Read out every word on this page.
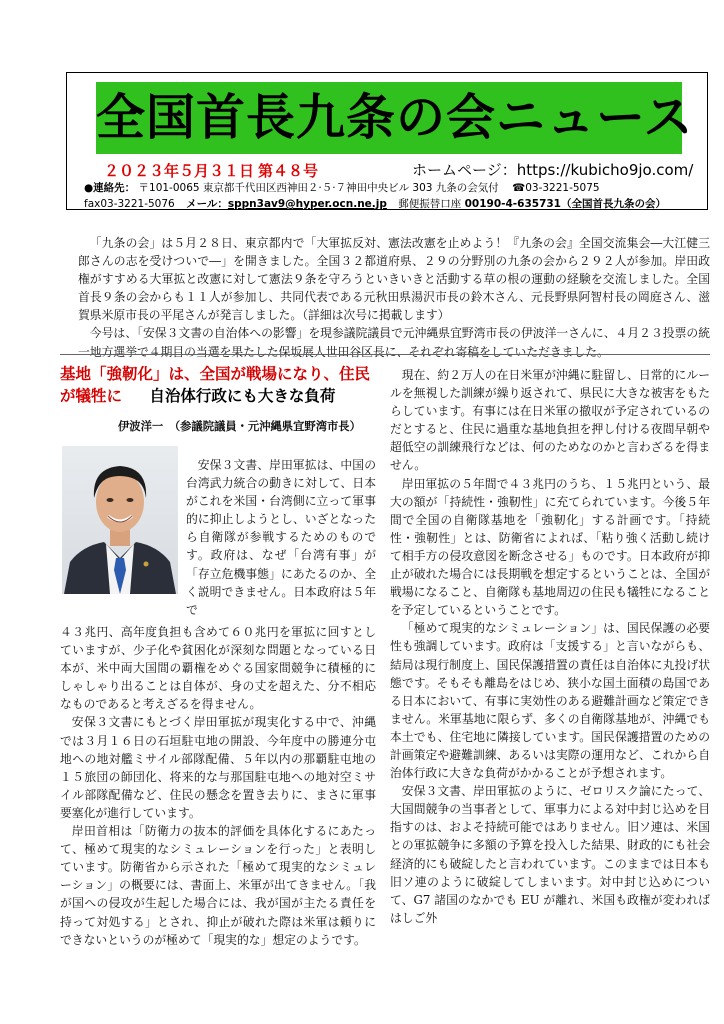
全国首長九条の会ニュース
２０２３年５月３１日 第４８号	ホームページ：https://kubicho9jo.com/
●連絡先： 〒101-0065 東京都千代田区西神田２·５·７神田中央ビル 303 九条の会気付 ☎03-3221-5075
fax03-3221-5076 メール：sppn3av9@hyper.ocn.ne.jp 郵便振替口座 00190-4-635731（全国首長九条の会）

「九条の会」は５月２８日、東京都内で「大軍拡反対、憲法改憲を止めよう！『九条の会』全国交流集会―大江健三郎さんの志を受けついで―」を開きました。全国３２都道府県、２９の分野別の九条の会から２９２人が参加。岸田政権がすすめる大軍拡と改憲に対して憲法９条を守ろうといきいきと活動する草の根の運動の経験を交流しました。全国首長９条の会からも１１人が参加し、共同代表である元秋田県湯沢市長の鈴木さん、元長野県阿智村長の岡庭さん、滋賀県米原市長の平尾さんが発言しました。（詳細は次号に掲載します）

今号は、「安保３文書の自治体への影響」を現参議院議員で元沖縄県宜野湾市長の伊波洋一さんに、４月２３投票の統一地方選挙で４期目の当選を果たした保坂展人世田谷区長に、それぞれ寄稿をしていただきました。

基地「強靭化」は、全国が戦場になり、住民が犠牲に 自治体行政にも大きな負荷
伊波洋一　（参議院議員・元沖縄県宜野湾市長）

安保３文書、岸田軍拡は、中国の台湾武力統合の動きに対して、日本がこれを米国・台湾側に立って軍事的に抑止しようとし、いざとなったら自衛隊が参戦するためのものです。政府は、なぜ「台湾有事」が「存立危機事態」にあたるのか、全く説明できません。日本政府は５年で

４３兆円、高年度負担も含めて６０兆円を軍拡に回すとしていますが、少子化や貧困化が深刻な問題となっている日本が、米中両大国間の覇権をめぐる国家間競争に積極的にしゃしゃり出ることは自体が、身の丈を超えた、分不相応なものであると考えざるを得ません。

安保３文書にもとづく岸田軍拡が現実化する中で、沖縄では３月１６日の石垣駐屯地の開設、今年度中の勝連分屯地への地対艦ミサイル部隊配備、５年以内の那覇駐屯地の１５旅団の師団化、将来的な与那国駐屯地への地対空ミサイル部隊配備など、住民の懸念を置き去りに、まさに軍事要塞化が進行しています。

岸田首相は「防衛力の抜本的評価を具体化するにあたって、極めて現実的なシミュレーションを行った」と表明しています。防衛省から示された「極めて現実的なシミュレーション」の概要には、書面上、米軍が出てきません。「我が国への侵攻が生起した場合には、我が国が主たる責任を持って対処する」とされ、抑止が破れた際は米軍は頼りにできないというのが極めて「現実的な」想定のようです。

現在、約２万人の在日米軍が沖縄に駐留し、日常的にルールを無視した訓練が繰り返されて、県民に大きな被害をもたらしています。有事には在日米軍の撤収が予定されているのだとすると、住民に過重な基地負担を押し付ける夜間早朝や超低空の訓練飛行などは、何のためなのかと言わざるを得ません。

岸田軍拡の５年間で４３兆円のうち、１５兆円という、最大の額が「持続性・強靭性」に充てられています。今後５年間で全国の自衛隊基地を「強靭化」する計画です。「持続性・強靭性」とは、防衛省によれば、「粘り強く活動し続けて相手方の侵攻意図を断念させる」ものです。日本政府が抑止が破れた場合には長期戦を想定するということは、全国が戦場になること、自衛隊も基地周辺の住民も犠牲になることを予定しているということです。

「極めて現実的なシミュレーション」は、国民保護の必要性も強調しています。政府は「支援する」と言いながらも、結局は現行制度上、国民保護措置の責任は自治体に丸投げ状態です。そもそも離島をはじめ、狭小な国土面積の島国である日本において、有事に実効性のある避難計画など策定できません。米軍基地に限らず、多くの自衛隊基地が、沖縄でも本土でも、住宅地に隣接しています。国民保護措置のための計画策定や避難訓練、あるいは実際の運用など、これから自治体行政に大きな負荷がかかることが予想されます。

安保３文書、岸田軍拡のように、ゼロリスク論にたって、大国間競争の当事者として、軍事力による対中封じ込めを目指すのは、およそ持続可能ではありません。旧ソ連は、米国との軍拡競争に多額の予算を投入した結果、財政的にも社会経済的にも破綻したと言われています。このままでは日本も旧ソ連のように破綻してしまいます。対中封じ込めについて、G7 諸国のなかでも EU が離れ、米国も政権が変わればはしご外
